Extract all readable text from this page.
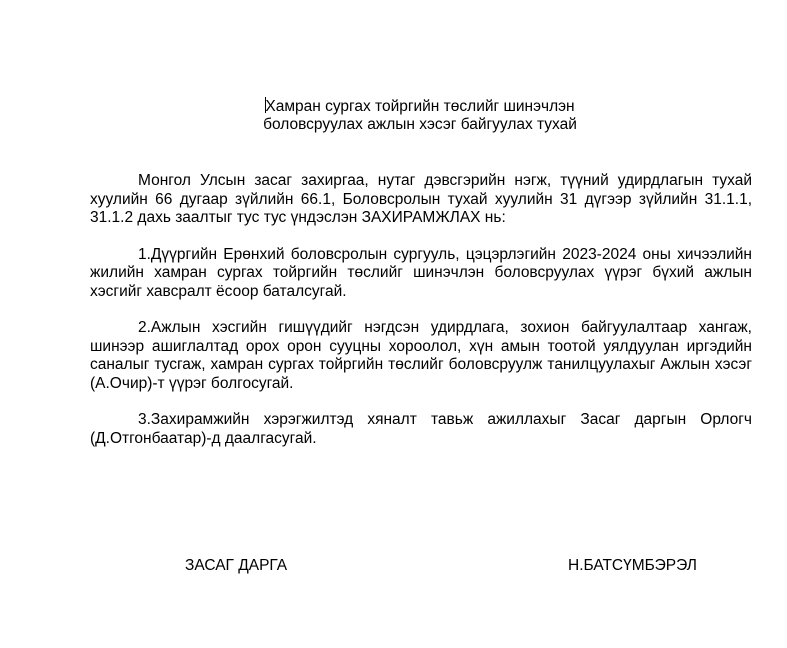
Хамран сургах тойргийн төслийг шинэчлэн
боловсруулах ажлын хэсэг байгуулах тухай

Монгол Улсын засаг захиргаа, нутаг дэвсгэрийн нэгж, түүний удирдлагын тухай хуулийн 66 дугаар зүйлийн 66.1, Боловсролын тухай хуулийн 31 дүгээр зүйлийн 31.1.1, 31.1.2 дахь заалтыг тус тус үндэслэн ЗАХИРАМЖЛАХ нь:

1.Дүүргийн Ерөнхий боловсролын сургууль, цэцэрлэгийн 2023-2024 оны хичээлийн жилийн хамран сургах тойргийн төслийг шинэчлэн боловсруулах үүрэг бүхий ажлын хэсгийг хавсралт ёсоор баталсугай.

2.Ажлын хэсгийн гишүүдийг нэгдсэн удирдлага, зохион байгуулалтаар хангаж, шинээр ашиглалтад орох орон сууцны хороолол, хүн амын тоотой уялдуулан иргэдийн саналыг тусгаж, хамран сургах тойргийн төслийг боловсруулж танилцуулахыг Ажлын хэсэг (А.Очир)-т үүрэг болгосугай.

3.Захирамжийн хэрэгжилтэд хяналт тавьж ажиллахыг Засаг даргын Орлогч (Д.Отгонбаатар)-д даалгасугай.

ЗАСАГ ДАРГА	Н.БАТСҮМБЭРЭЛ
